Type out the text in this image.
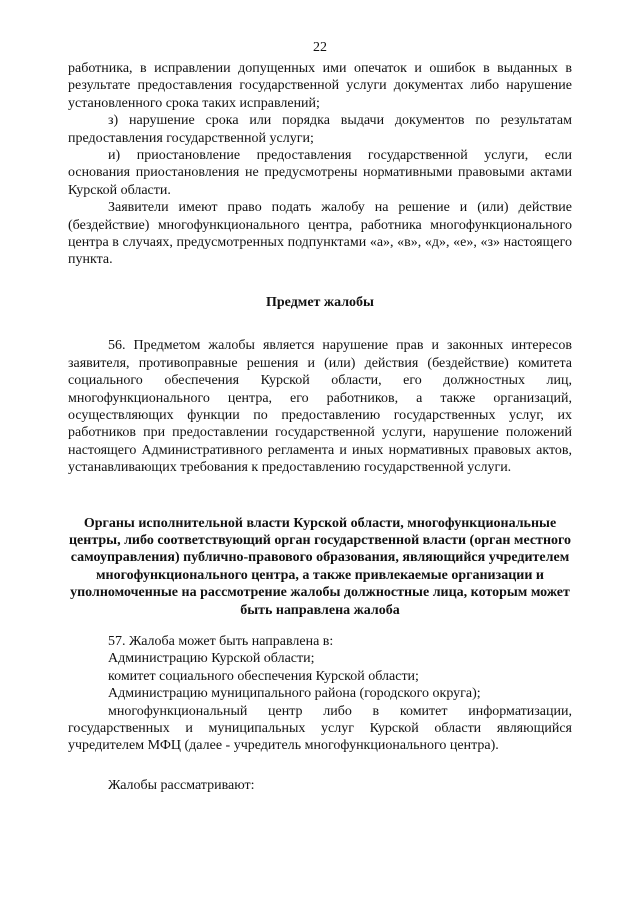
22

работника, в исправлении допущенных ими опечаток и ошибок в выданных в результате предоставления государственной услуги документах либо нарушение установленного срока таких исправлений;

з) нарушение срока или порядка выдачи документов по результатам предоставления государственной услуги;

и) приостановление предоставления государственной услуги, если основания приостановления не предусмотрены нормативными правовыми актами Курской области.

Заявители имеют право подать жалобу на решение и (или) действие (бездействие) многофункционального центра, работника многофункционального центра в случаях, предусмотренных подпунктами «а», «в», «д», «е», «з» настоящего пункта.

Предмет жалобы

56. Предметом жалобы является нарушение прав и законных интересов заявителя, противоправные решения и (или) действия (бездействие) комитета социального обеспечения Курской области, его должностных лиц, многофункционального центра, его работников, а также организаций, осуществляющих функции по предоставлению государственных услуг, их работников при предоставлении государственной услуги, нарушение положений настоящего Административного регламента и иных нормативных правовых актов, устанавливающих требования к предоставлению государственной услуги.

Органы исполнительной власти Курской области, многофункциональные центры, либо соответствующий орган государственной власти (орган местного самоуправления) публично-правового образования, являющийся учредителем многофункционального центра, а также привлекаемые организации и уполномоченные на рассмотрение жалобы должностные лица, которым может быть направлена жалоба

57. Жалоба может быть направлена в:

Администрацию Курской области;

комитет социального обеспечения Курской области;

Администрацию муниципального района (городского округа);

многофункциональный центр либо в комитет информатизации, государственных и муниципальных услуг Курской области являющийся учредителем МФЦ (далее - учредитель многофункционального центра).

Жалобы рассматривают:
